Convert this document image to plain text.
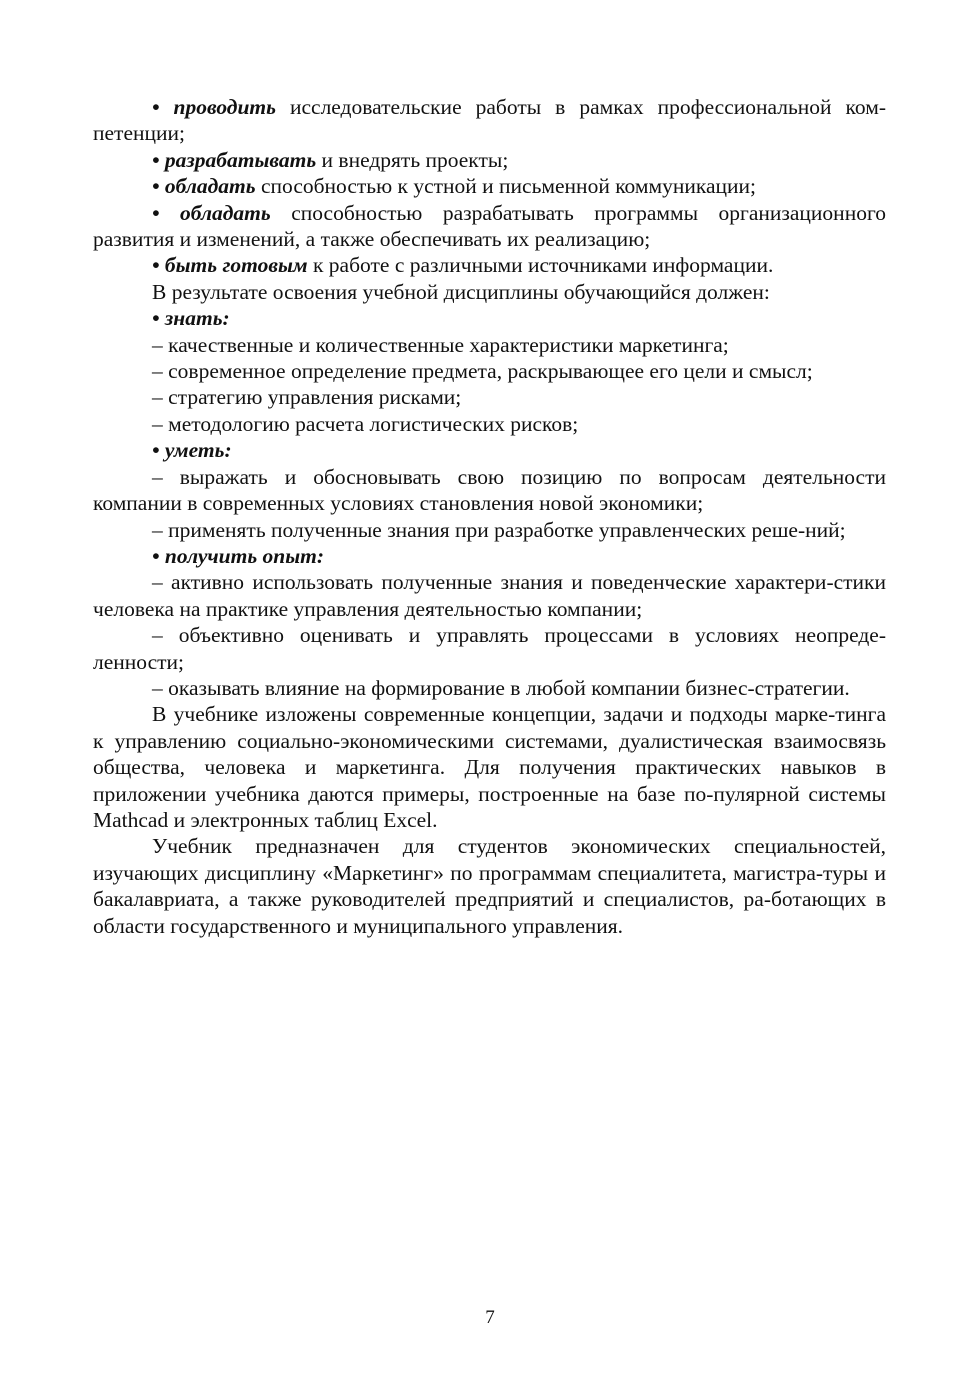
• проводить исследовательские работы в рамках профессиональной ком-петенции;

• разрабатывать и внедрять проекты;

• обладать способностью к устной и письменной коммуникации;

• обладать способностью разрабатывать программы организационного развития и изменений, а также обеспечивать их реализацию;

• быть готовым к работе с различными источниками информации.

В результате освоения учебной дисциплины обучающийся должен:

• знать:

– качественные и количественные характеристики маркетинга;

– современное определение предмета, раскрывающее его цели и смысл;

– стратегию управления рисками;

– методологию расчета логистических рисков;

• уметь:

– выражать и обосновывать свою позицию по вопросам деятельности компании в современных условиях становления новой экономики;

– применять полученные знания при разработке управленческих реше-ний;

• получить опыт:

– активно использовать полученные знания и поведенческие характери-стики человека на практике управления деятельностью компании;

– объективно оценивать и управлять процессами в условиях неопреде-ленности;

– оказывать влияние на формирование в любой компании бизнес-стратегии.

В учебнике изложены современные концепции, задачи и подходы марке-тинга к управлению социально-экономическими системами, дуалистическая взаимосвязь общества, человека и маркетинга. Для получения практических навыков в приложении учебника даются примеры, построенные на базе по-пулярной системы Mathcad и электронных таблиц Excel.

Учебник предназначен для студентов экономических специальностей, изучающих дисциплину «Маркетинг» по программам специалитета, магистра-туры и бакалавриата, а также руководителей предприятий и специалистов, ра-ботающих в области государственного и муниципального управления.

7
